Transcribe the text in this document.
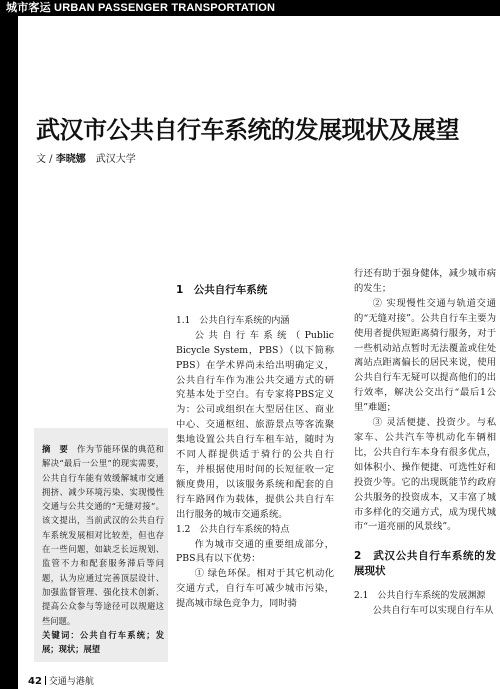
城市客运 URBAN PASSENGER TRANSPORTATION
武汉市公共自行车系统的发展现状及展望
文 / 李晓娜　 武汉大学
摘　要　 作为节能环保的典范和解决“最后一公里”的现实需要，公共自行车能有效缓解城市交通拥挤、减少环境污染、实现慢性交通与公共交通的“无缝对接”。该文提出，当前武汉的公共自行车系统发展相对比较差，但也存在一些问题，如缺乏长远规划、监管不力和配套服务滞后等问题，认为应通过完善顶层设计、加强监督管理、强化技术创新、提高公众参与等途径可以规避这些问题。
关键词：公共自行车系统；发展；现状；展望

1　公共自行车系统

1.1　公共自行车系统的内涵

公共自行车系统（Public Bicycle System，PBS）（以下简称PBS）在学术界尚未给出明确定义，公共自行车作为准公共交通方式的研究基本处于空白。有专家将PBS定义为：公司或组织在大型居住区、商业中心、交通枢纽、旅游景点等客流聚集地设置公共自行车租车站，随时为不同人群提供适于骑行的公共自行车，并根据使用时间的长短征收一定额度费用，以该服务系统和配套的自行车路网作为载体，提供公共自行车出行服务的城市交通系统。

1.2　公共自行车系统的特点

作为城市交通的重要组成部分，PBS具有以下优势：

① 绿色环保。相对于其它机动化交通方式，自行车可减少城市污染，提高城市绿色竞争力，同时骑

行还有助于强身健体，减少城市病的发生；

② 实现慢性交通与轨道交通的“无缝对接”。公共自行车主要为使用者提供短距离骑行服务，对于一些机动站点暂时无法覆盖或住处离站点距离偏长的居民来说，使用公共自行车无疑可以提高他们的出行效率，解决公交出行“最后1公里”难题；

③ 灵活便捷、投资少。与私家车、公共汽车等机动化车辆相比，公共自行车本身有很多优点，如体积小、操作便捷、可选性好和投资少等。它的出现既能节约政府公共服务的投资成本，又丰富了城市多样化的交通方式，成为现代城市“一道亮丽的风景线”。

2　武汉公共自行车系统的发展现状

2.1　公共自行车系统的发展渊源

公共自行车可以实现自行车从

42 交通与港航
